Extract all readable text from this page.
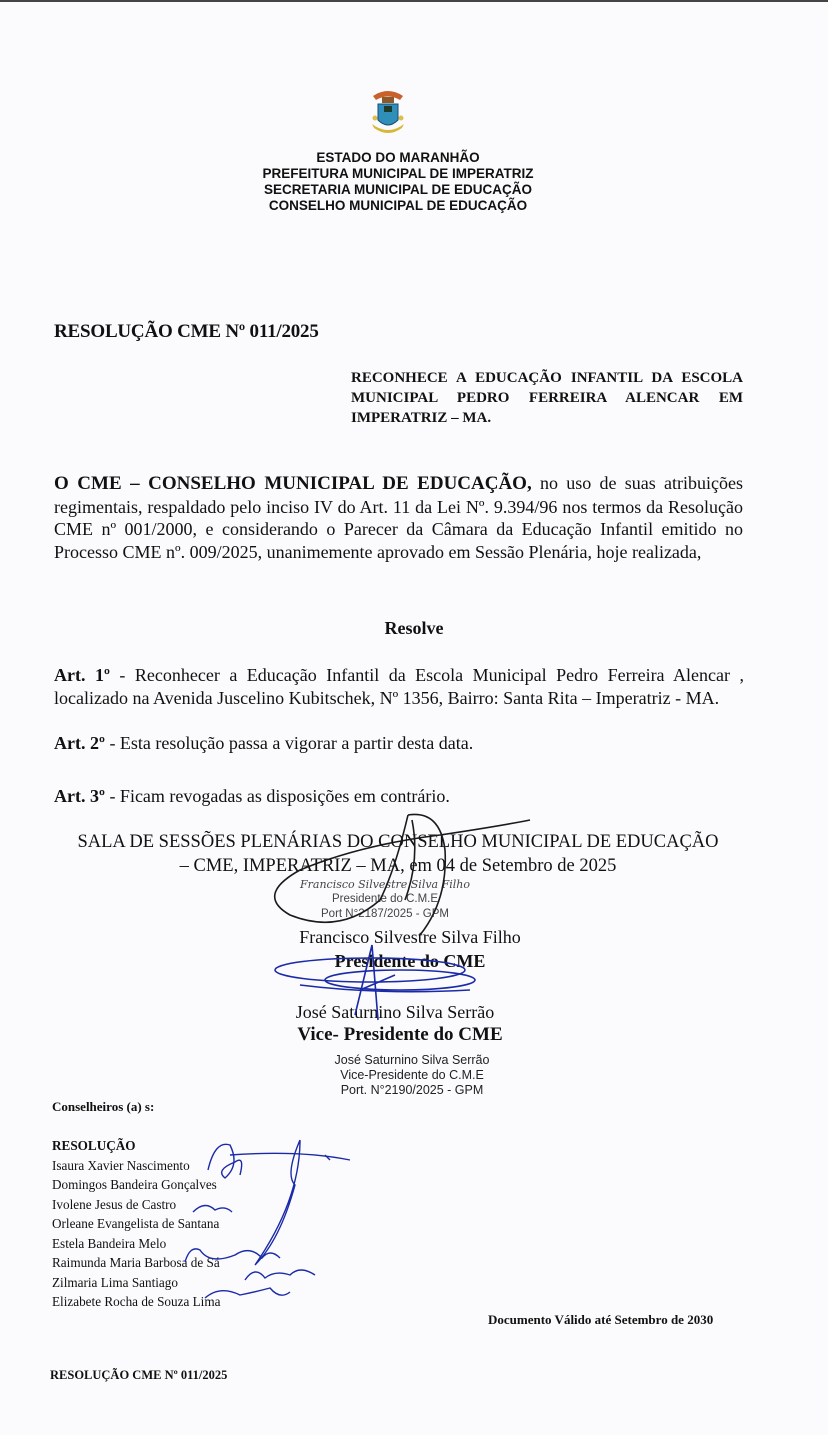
ESTADO DO MARANHÃO
PREFEITURA MUNICIPAL DE IMPERATRIZ
SECRETARIA MUNICIPAL DE EDUCAÇÃO
CONSELHO MUNICIPAL DE EDUCAÇÃO
RESOLUÇÃO CME Nº 011/2025
RECONHECE A EDUCAÇÃO INFANTIL DA ESCOLA MUNICIPAL PEDRO FERREIRA ALENCAR EM IMPERATRIZ – MA.
O CME – CONSELHO MUNICIPAL DE EDUCAÇÃO, no uso de suas atribuições regimentais, respaldado pelo inciso IV do Art. 11 da Lei Nº. 9.394/96 nos termos da Resolução CME nº 001/2000, e considerando o Parecer da Câmara da Educação Infantil emitido no Processo CME nº. 009/2025, unanimemente aprovado em Sessão Plenária, hoje realizada,
Resolve
Art. 1º - Reconhecer a Educação Infantil da Escola Municipal Pedro Ferreira Alencar , localizado na Avenida Juscelino Kubitschek, Nº 1356, Bairro: Santa Rita – Imperatriz - MA.
Art. 2º - Esta resolução passa a vigorar a partir desta data.
Art. 3º - Ficam revogadas as disposições em contrário.
SALA DE SESSÕES PLENÁRIAS DO CONSELHO MUNICIPAL DE EDUCAÇÃO
– CME, IMPERATRIZ – MA, em 04 de Setembro de 2025
Francisco Silvestre Silva Filho
Presidente do C.M.E
Port N°2187/2025 - GPM
Francisco Silvestre Silva Filho
Presidente do CME
José Saturnino Silva Serrão
Vice- Presidente do CME
José Saturnino Silva Serrão
Vice-Presidente do C.M.E
Port. N°2190/2025 - GPM
Conselheiros (a) s:
RESOLUÇÃO
Isaura Xavier Nascimento
Domingos Bandeira Gonçalves
Ivolene Jesus de Castro
Orleane Evangelista de Santana
Estela Bandeira Melo
Raimunda Maria Barbosa de Sá
Zilmaria Lima Santiago
Elizabete Rocha de Souza Lima
Documento Válido até Setembro de 2030
RESOLUÇÃO CME Nº 011/2025
